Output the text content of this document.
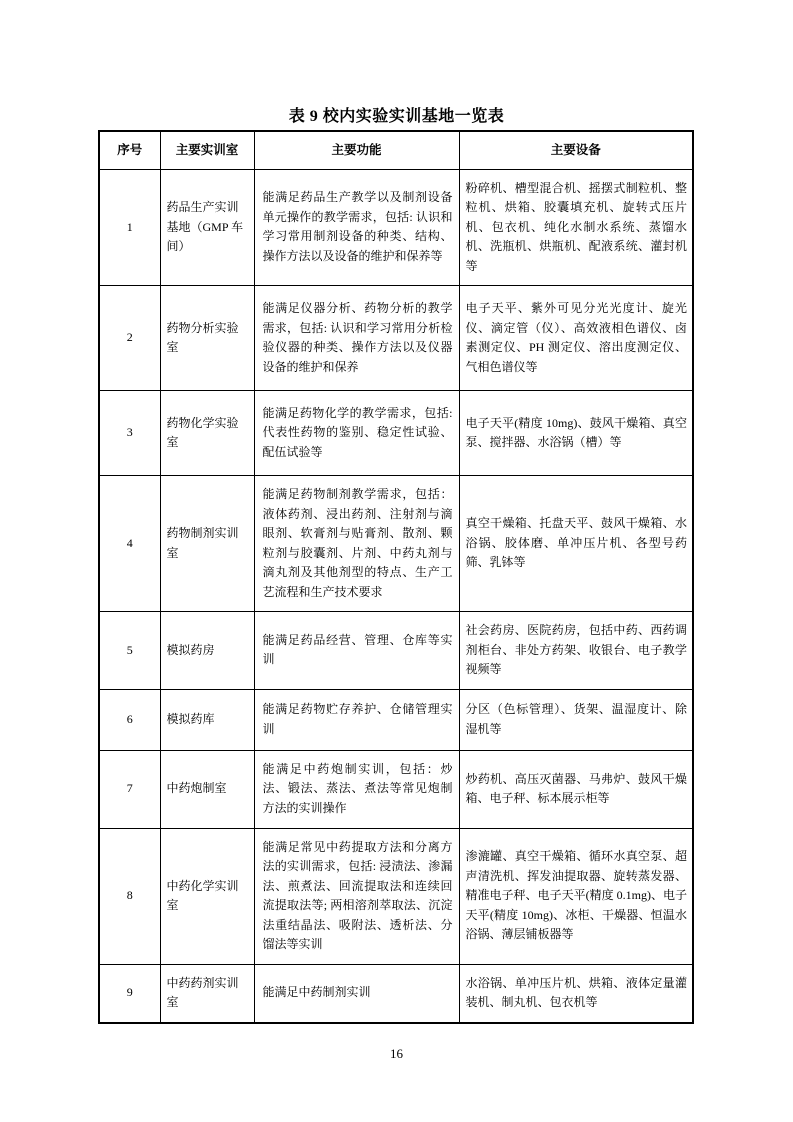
表 9 校内实验实训基地一览表
序号	主要实训室	主要功能	主要设备
1	药品生产实训基地（GMP 车间）	能满足药品生产教学以及制剂设备单元操作的教学需求，包括: 认识和学习常用制剂设备的种类、结构、操作方法以及设备的维护和保养等	粉碎机、槽型混合机、摇摆式制粒机、整粒机、烘箱、胶囊填充机、旋转式压片机、包衣机、纯化水制水系统、蒸馏水机、洗瓶机、烘瓶机、配液系统、灌封机等
2	药物分析实验室	能满足仪器分析、药物分析的教学需求，包括: 认识和学习常用分析检验仪器的种类、操作方法以及仪器设备的维护和保养	电子天平、紫外可见分光光度计、旋光仪、滴定管（仪）、高效液相色谱仪、卤素测定仪、PH 测定仪、溶出度测定仪、气相色谱仪等
3	药物化学实验室	能满足药物化学的教学需求，包括: 代表性药物的鉴别、稳定性试验、配伍试验等	电子天平(精度 10mg)、鼓风干燥箱、真空泵、搅拌器、水浴锅（槽）等
4	药物制剂实训室	能满足药物制剂教学需求，包括：液体药剂、浸出药剂、注射剂与滴眼剂、软膏剂与贴膏剂、散剂、颗粒剂与胶囊剂、片剂、中药丸剂与滴丸剂及其他剂型的特点、生产工艺流程和生产技术要求	真空干燥箱、托盘天平、鼓风干燥箱、水浴锅、胶体磨、单冲压片机、各型号药筛、乳钵等
5	模拟药房	能满足药品经营、管理、仓库等实训	社会药房、医院药房，包括中药、西药调剂柜台、非处方药架、收银台、电子教学视频等
6	模拟药库	能满足药物贮存养护、仓储管理实训	分区（色标管理）、货架、温湿度计、除湿机等
7	中药炮制室	能满足中药炮制实训，包括：炒法、锻法、蒸法、煮法等常见炮制方法的实训操作	炒药机、高压灭菌器、马弗炉、鼓风干燥箱、电子秤、标本展示柜等
8	中药化学实训室	能满足常见中药提取方法和分离方法的实训需求，包括: 浸渍法、渗漏法、煎煮法、回流提取法和连续回流提取法等; 两相溶剂萃取法、沉淀法重结晶法、吸附法、透析法、分馏法等实训	渗漉罐、真空干燥箱、循环水真空泵、超声清洗机、挥发油提取器、旋转蒸发器、精准电子秤、电子天平(精度 0.1mg)、电子天平(精度 10mg)、冰柜、干燥器、恒温水浴锅、薄层铺板器等
9	中药药剂实训室	能满足中药制剂实训	水浴锅、单冲压片机、烘箱、液体定量灌装机、制丸机、包衣机等
16
